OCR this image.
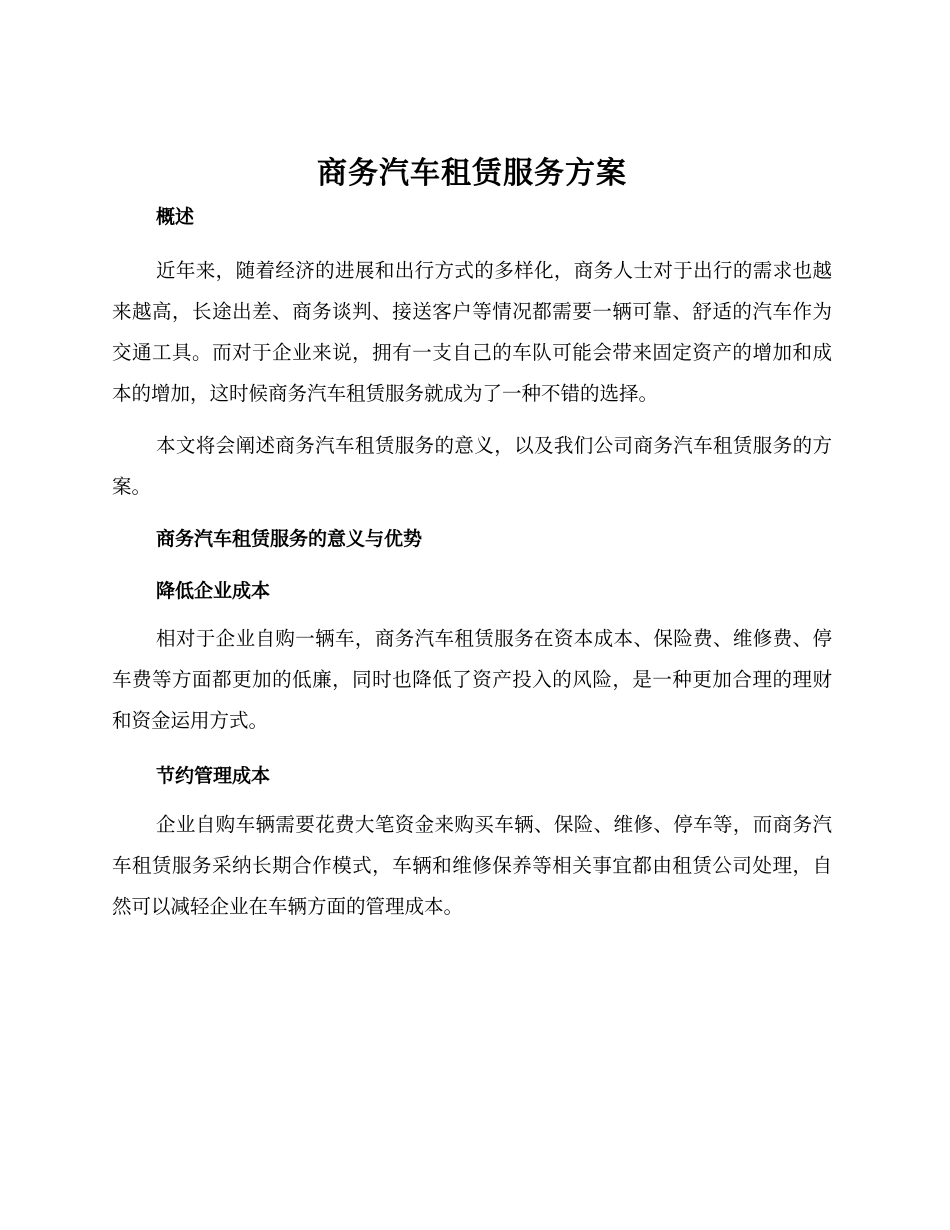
商务汽车租赁服务方案
概述

近年来，随着经济的进展和出行方式的多样化，商务人士对于出行的需求也越来越高，长途出差、商务谈判、接送客户等情况都需要一辆可靠、舒适的汽车作为交通工具。而对于企业来说，拥有一支自己的车队可能会带来固定资产的增加和成本的增加，这时候商务汽车租赁服务就成为了一种不错的选择。

本文将会阐述商务汽车租赁服务的意义，以及我们公司商务汽车租赁服务的方案。

商务汽车租赁服务的意义与优势
降低企业成本

相对于企业自购一辆车，商务汽车租赁服务在资本成本、保险费、维修费、停车费等方面都更加的低廉，同时也降低了资产投入的风险，是一种更加合理的理财和资金运用方式。

节约管理成本

企业自购车辆需要花费大笔资金来购买车辆、保险、维修、停车等，而商务汽车租赁服务采纳长期合作模式，车辆和维修保养等相关事宜都由租赁公司处理，自然可以减轻企业在车辆方面的管理成本。
